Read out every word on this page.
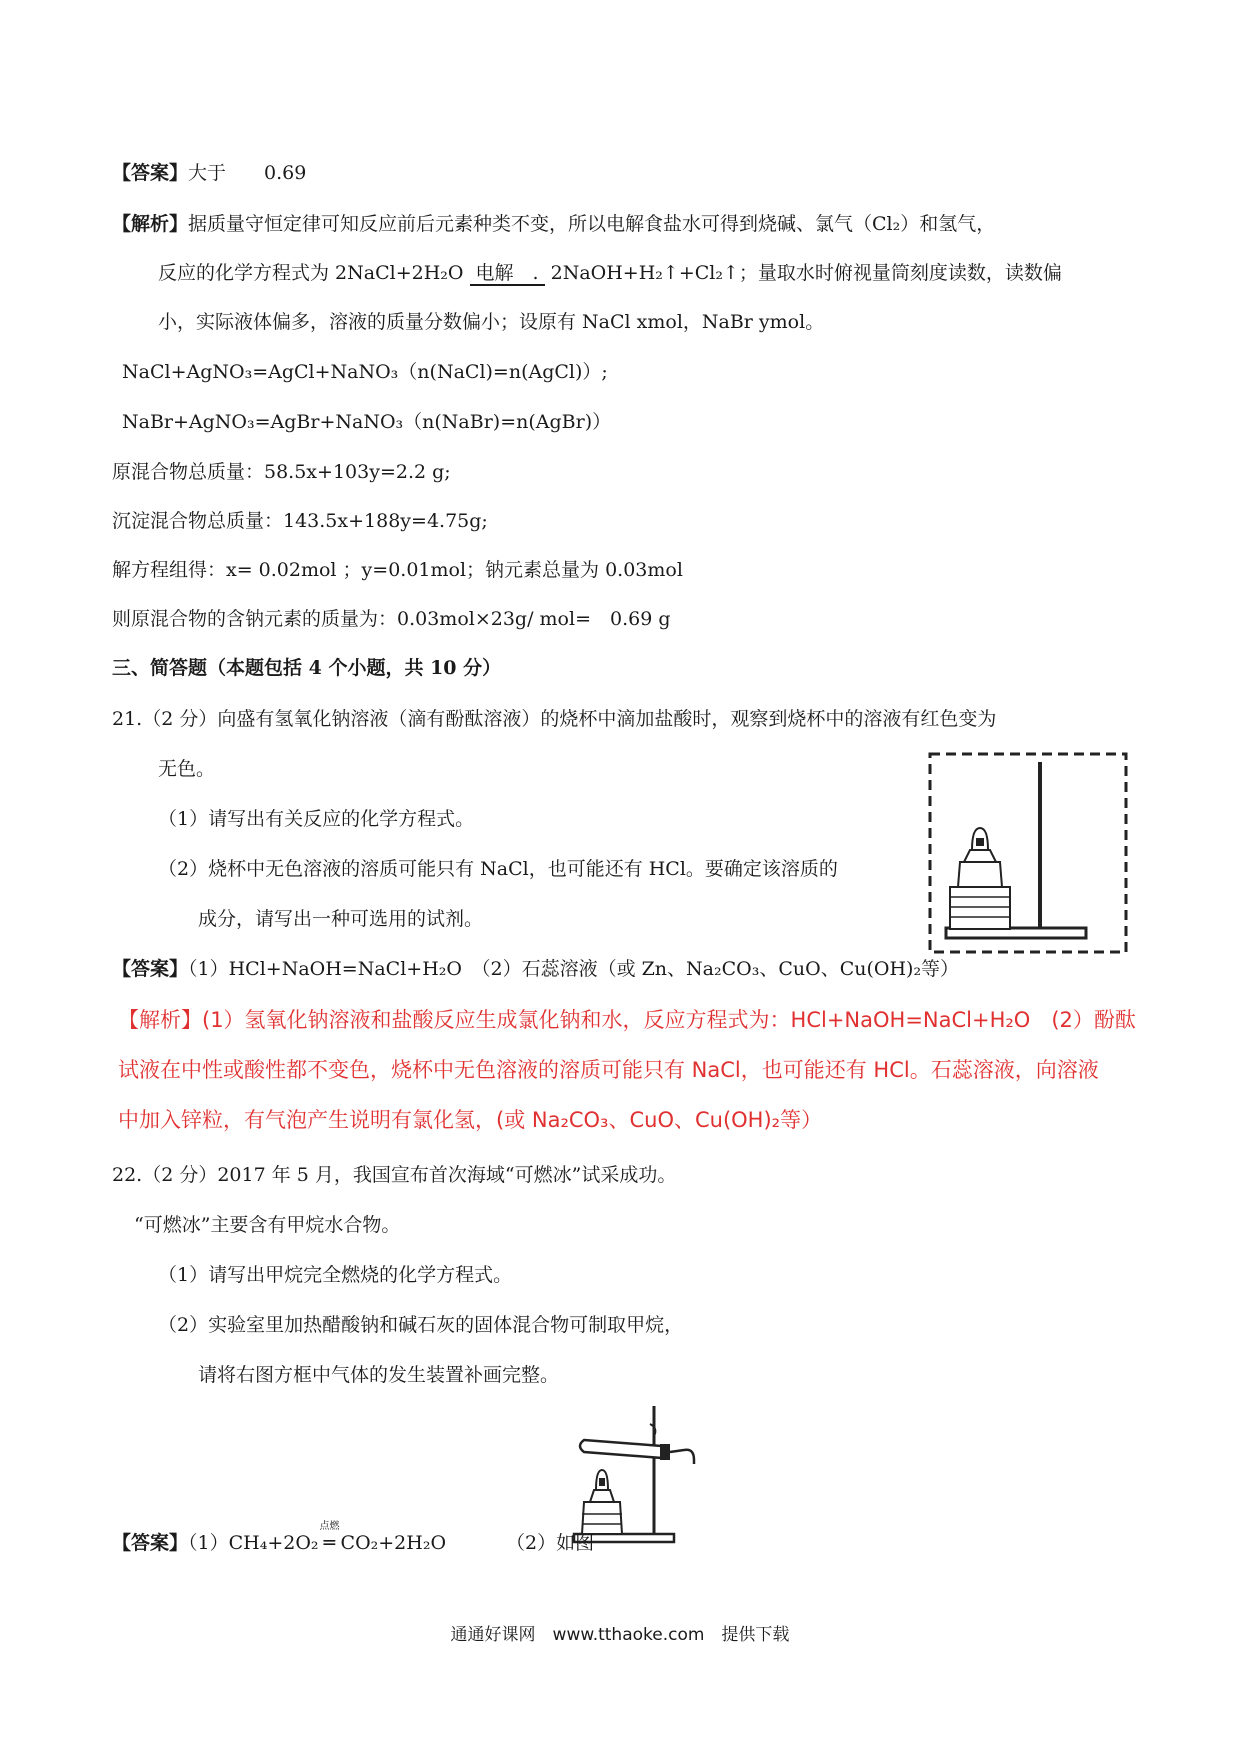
【答案】大于　　0.69
【解析】据质量守恒定律可知反应前后元素种类不变，所以电解食盐水可得到烧碱、氯气（Cl₂）和氢气，
反应的化学方程式为 2NaCl+2H₂O 电解　. 2NaOH+H₂↑+Cl₂↑；量取水时俯视量筒刻度读数，读数偏
小，实际液体偏多，溶液的质量分数偏小；设原有 NaCl xmol，NaBr ymol。
NaCl+AgNO₃=AgCl+NaNO₃（n(NaCl)=n(AgCl)）;
NaBr+AgNO₃=AgBr+NaNO₃（n(NaBr)=n(AgBr)）
原混合物总质量：58.5x+103y=2.2 g;
沉淀混合物总质量：143.5x+188y=4.75g;
解方程组得：x= 0.02mol ；y=0.01mol；钠元素总量为 0.03mol
则原混合物的含钠元素的质量为：0.03mol×23g/ mol=　0.69 g
三、简答题（本题包括 4 个小题，共 10 分）
21.（2 分）向盛有氢氧化钠溶液（滴有酚酞溶液）的烧杯中滴加盐酸时，观察到烧杯中的溶液有红色变为
无色。
（1）请写出有关反应的化学方程式。
（2）烧杯中无色溶液的溶质可能只有 NaCl，也可能还有 HCl。要确定该溶质的
成分，请写出一种可选用的试剂。
【答案】（1）HCl+NaOH=NaCl+H₂O　（2）石蕊溶液（或 Zn、Na₂CO₃、CuO、Cu(OH)₂等）
【解析】(1）氢氧化钠溶液和盐酸反应生成氯化钠和水，反应方程式为：HCl+NaOH=NaCl+H₂O　(2）酚酞
试液在中性或酸性都不变色，烧杯中无色溶液的溶质可能只有 NaCl，也可能还有 HCl。石蕊溶液，向溶液
中加入锌粒，有气泡产生说明有氯化氢，(或 Na₂CO₃、CuO、Cu(OH)₂等）
22.（2 分）2017 年 5 月，我国宣布首次海域“可燃冰”试采成功。
“可燃冰”主要含有甲烷水合物。
（1）请写出甲烷完全燃烧的化学方程式。
（2）实验室里加热醋酸钠和碱石灰的固体混合物可制取甲烷，
请将右图方框中气体的发生装置补画完整。
【答案】（1）CH₄+2O₂
点燃
═ CO₂+2H₂O	（2）如图
通通好课网　www.tthaoke.com　提供下载
